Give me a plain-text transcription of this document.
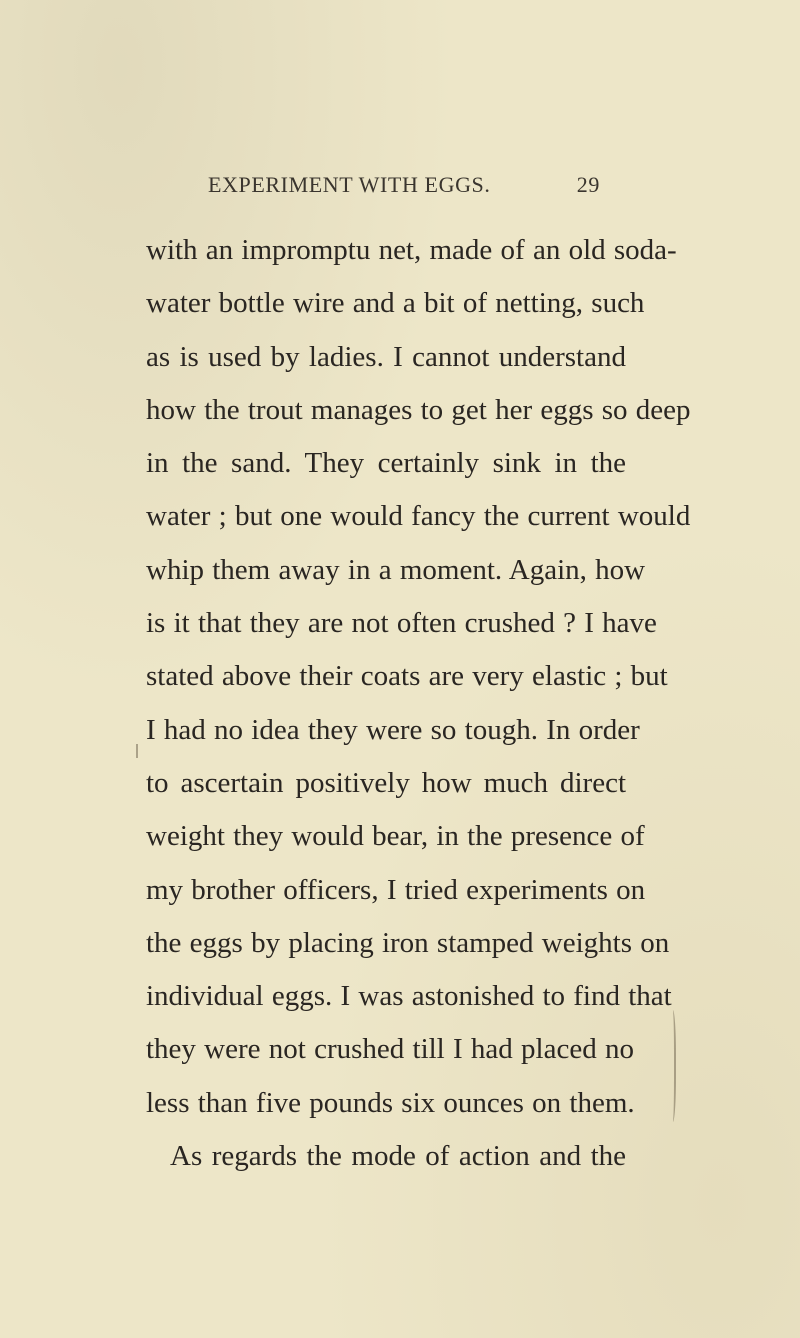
EXPERIMENT WITH EGGS.	29
with an impromptu net, made of an old soda-
water bottle wire and a bit of netting, such
as is used by ladies. I cannot understand
how the trout manages to get her eggs so deep
in the sand. They certainly sink in the
water ; but one would fancy the current would
whip them away in a moment. Again, how
is it that they are not often crushed ? I have
stated above their coats are very elastic ; but
I had no idea they were so tough. In order
to ascertain positively how much direct
weight they would bear, in the presence of
my brother officers, I tried experiments on
the eggs by placing iron stamped weights on
individual eggs. I was astonished to find that
they were not crushed till I had placed no
less than five pounds six ounces on them.
As regards the mode of action and the
